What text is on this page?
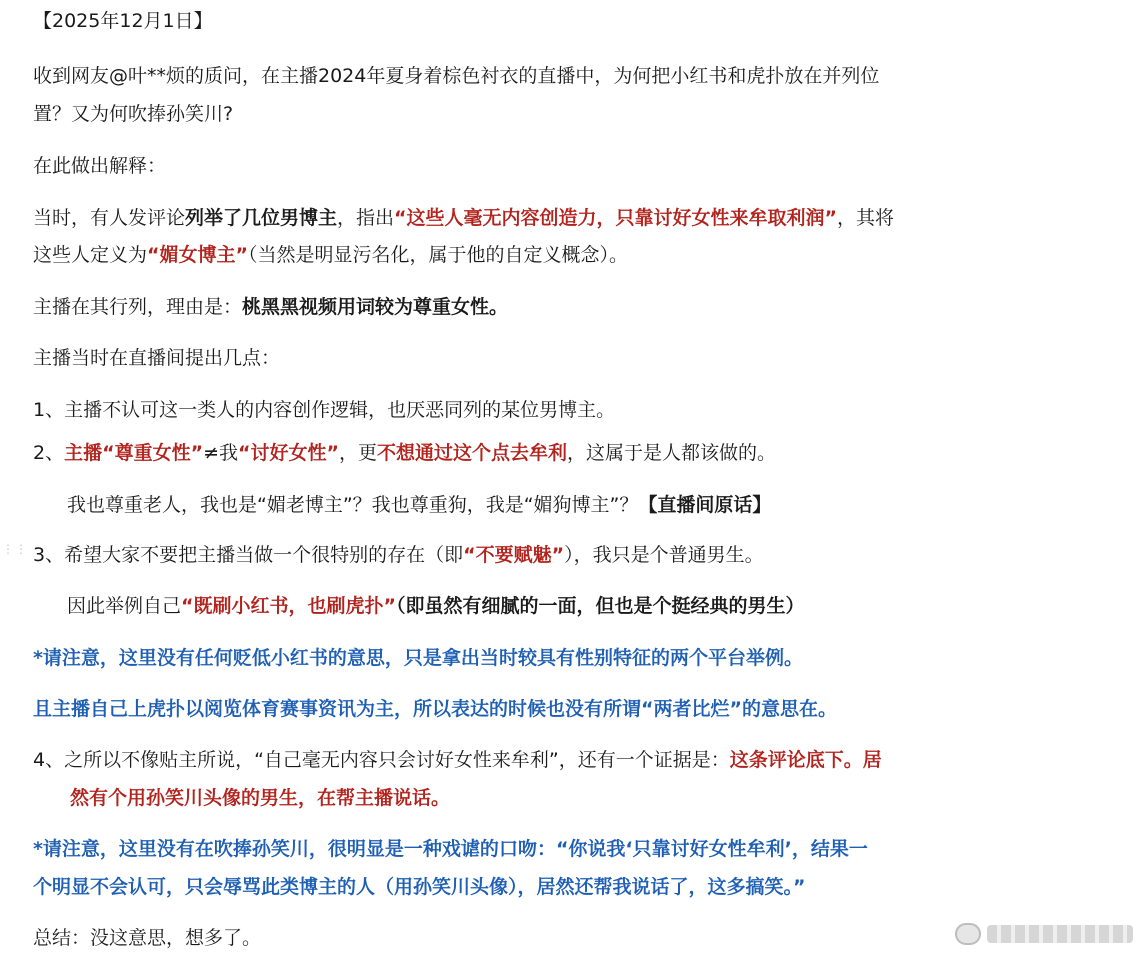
【2025年12月1日】
收到网友@叶**烦的质问，在主播2024年夏身着棕色衬衣的直播中，为何把小红书和虎扑放在并列位
置？又为何吹捧孙笑川?
在此做出解释：
当时，有人发评论列举了几位男博主，指出“这些人毫无内容创造力，只靠讨好女性来牟取利润”，其将
这些人定义为“媚女博主”（当然是明显污名化，属于他的自定义概念）。
主播在其行列，理由是：桃黑黑视频用词较为尊重女性。
主播当时在直播间提出几点：
1、主播不认可这一类人的内容创作逻辑，也厌恶同列的某位男博主。
2、主播“尊重女性”≠我“讨好女性”，更不想通过这个点去牟利，这属于是人都该做的。
我也尊重老人，我也是“媚老博主”？我也尊重狗，我是“媚狗博主”？【直播间原话】
⋮⋮ 3、希望大家不要把主播当做一个很特别的存在（即“不要赋魅”），我只是个普通男生。
因此举例自己“既刷小红书，也刷虎扑”（即虽然有细腻的一面，但也是个挺经典的男生）
*请注意，这里没有任何贬低小红书的意思，只是拿出当时较具有性别特征的两个平台举例。
且主播自己上虎扑以阅览体育赛事资讯为主，所以表达的时候也没有所谓“两者比烂”的意思在。
4、之所以不像贴主所说，“自己毫无内容只会讨好女性来牟利”，还有一个证据是：这条评论底下。居
然有个用孙笑川头像的男生，在帮主播说话。
*请注意，这里没有在吹捧孙笑川，很明显是一种戏谑的口吻：“你说我‘只靠讨好女性牟利’，结果一
个明显不会认可，只会辱骂此类博主的人（用孙笑川头像），居然还帮我说话了，这多搞笑。”
总结：没这意思，想多了。
